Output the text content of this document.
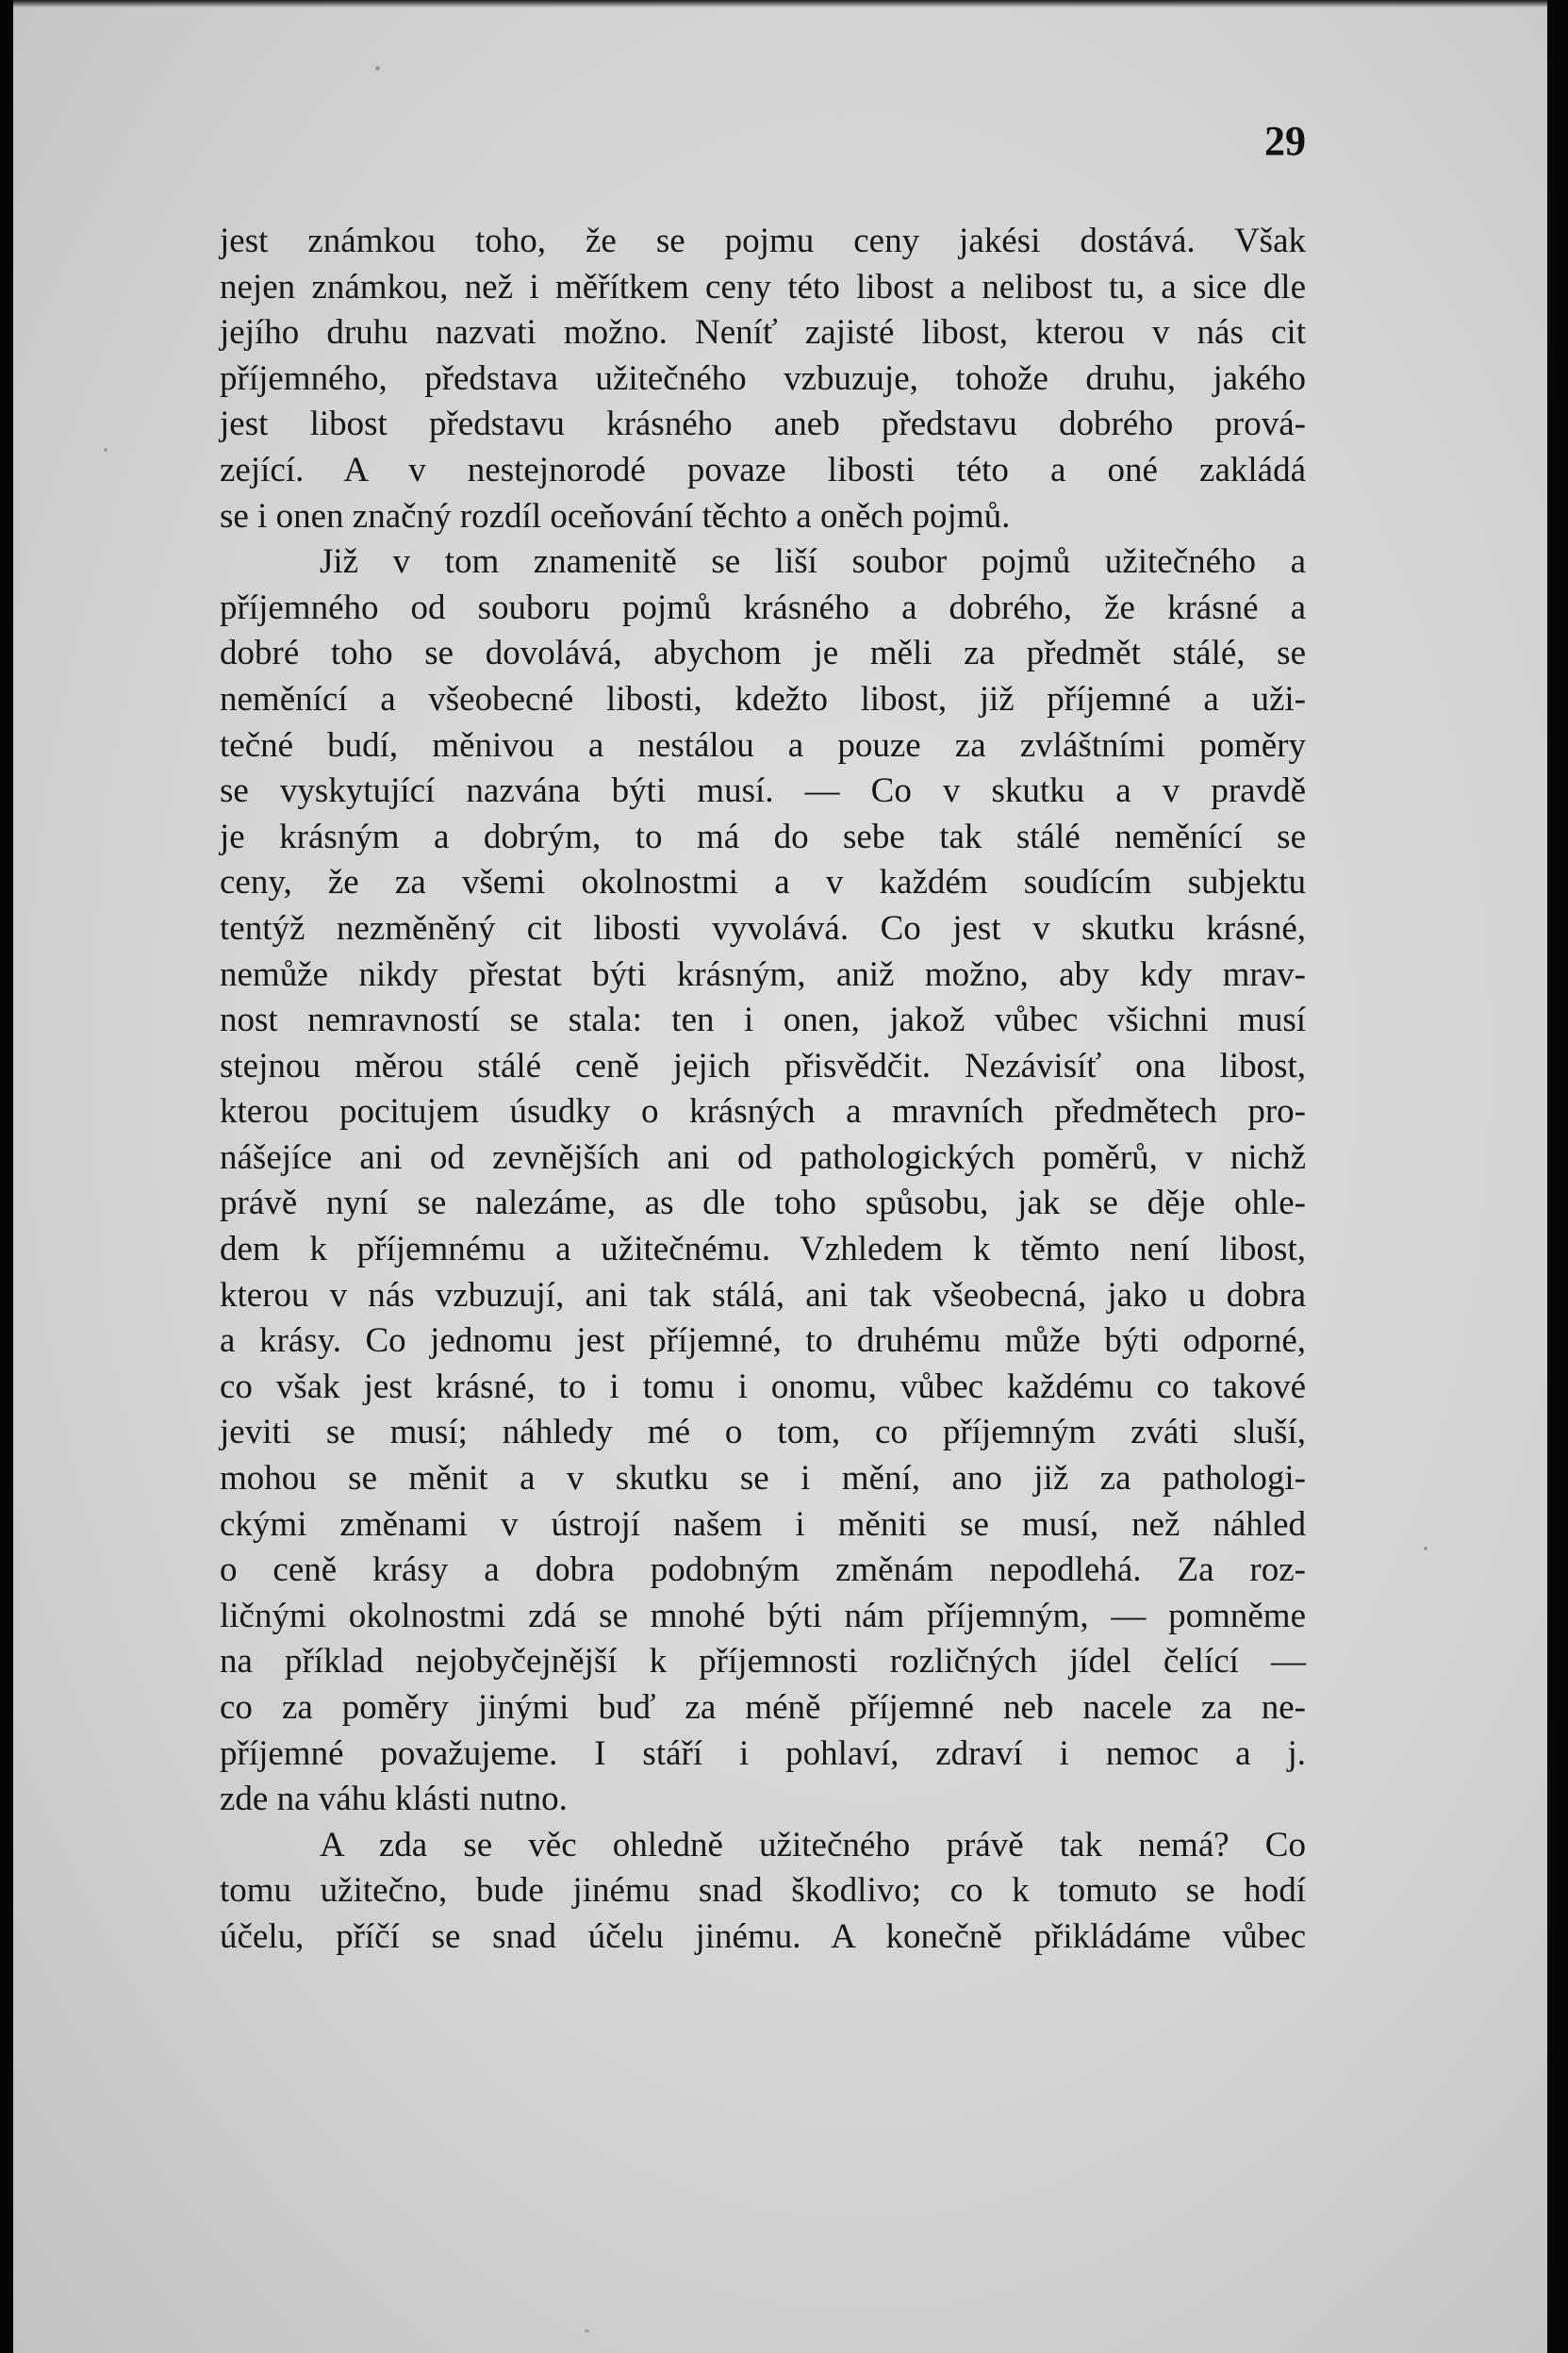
29
jest známkou toho, že se pojmu ceny jakési dostává. Však
nejen známkou, než i měřítkem ceny této libost a nelibost tu, a sice dle
jejího druhu nazvati možno. Neníť zajisté libost, kterou v nás cit
příjemného, představa užitečného vzbuzuje, tohože druhu, jakého
jest libost představu krásného aneb představu dobrého prová-
zející. A v nestejnorodé povaze libosti této a oné zakládá
se i onen značný rozdíl oceňování těchto a oněch pojmů.
Již v tom znamenitě se liší soubor pojmů užitečného a
příjemného od souboru pojmů krásného a dobrého, že krásné a
dobré toho se dovolává, abychom je měli za předmět stálé, se
neměnící a všeobecné libosti, kdežto libost, již příjemné a uži-
tečné budí, měnivou a nestálou a pouze za zvláštními poměry
se vyskytující nazvána býti musí. — Co v skutku a v pravdě
je krásným a dobrým, to má do sebe tak stálé neměnící se
ceny, že za všemi okolnostmi a v každém soudícím subjektu
tentýž nezměněný cit libosti vyvolává. Co jest v skutku krásné,
nemůže nikdy přestat býti krásným, aniž možno, aby kdy mrav-
nost nemravností se stala: ten i onen, jakož vůbec všichni musí
stejnou měrou stálé ceně jejich přisvědčit. Nezávisíť ona libost,
kterou pocitujem úsudky o krásných a mravních předmětech pro-
nášejíce ani od zevnějších ani od pathologických poměrů, v nichž
právě nyní se nalezáme, as dle toho spůsobu, jak se děje ohle-
dem k příjemnému a užitečnému. Vzhledem k těmto není libost,
kterou v nás vzbuzují, ani tak stálá, ani tak všeobecná, jako u dobra
a krásy. Co jednomu jest příjemné, to druhému může býti odporné,
co však jest krásné, to i tomu i onomu, vůbec každému co takové
jeviti se musí; náhledy mé o tom, co příjemným zváti sluší,
mohou se měnit a v skutku se i mění, ano již za pathologi-
ckými změnami v ústrojí našem i měniti se musí, než náhled
o ceně krásy a dobra podobným změnám nepodlehá. Za roz-
ličnými okolnostmi zdá se mnohé býti nám příjemným, — pomněme
na příklad nejobyčejnější k příjemnosti rozličných jídel čelící —
co za poměry jinými buď za méně příjemné neb nacele za ne-
příjemné považujeme. I stáří i pohlaví, zdraví i nemoc a j.
zde na váhu klásti nutno.
A zda se věc ohledně užitečného právě tak nemá? Co
tomu užitečno, bude jinému snad škodlivo; co k tomuto se hodí
účelu, příčí se snad účelu jinému. A konečně přikládáme vůbec
